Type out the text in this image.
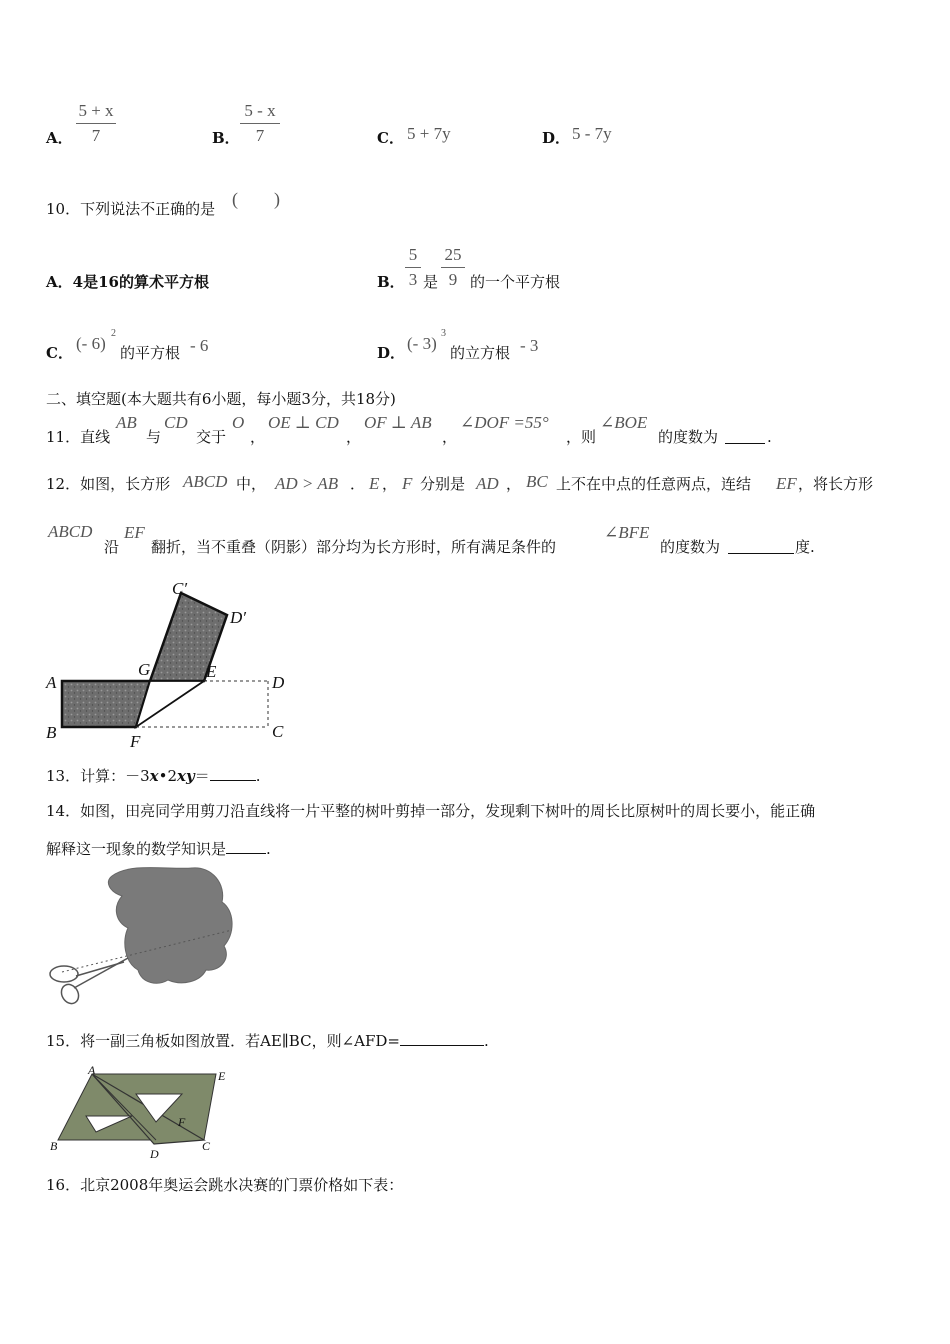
A．
5 + x
7	B．
5 - x
7	C． 5 + 7y	D． 5 - 7y
10．下列说法不正确的是 (　　)
A．4是16的算术平方根	B．
5
3 是
25
9 的一个平方根
C． (- 6)
2
的平方根 - 6	D． (- 3)
3
的立方根 - 3
二、填空题(本大题共有6小题，每小题3分，共18分)
11．直线
AB
与
CD
交于
O
，
OE ⊥ CD
，
OF ⊥ AB
，
∠DOF =55°
，则
∠BOE
的度数为	.
12．如图，长方形 ABCD 中， AD > AB ． E ， F 分别是 AD ， BC 上不在中点的任意两点，连结 EF ，将长方形
ABCD
沿
EF
翻折，当不重叠（阴影）部分均为长方形时，所有满足条件的
∠BFE
的度数为	度.
A
B
G	E
D
C
F
C′
D′
13．计算：－3x•2xy＝	.
14．如图，田亮同学用剪刀沿直线将一片平整的树叶剪掉一部分，发现剩下树叶的周长比原树叶的周长要小，能正确
解释这一现象的数学知识是	.
15．将一副三角板如图放置．若AE∥BC，则∠AFD=	.
A	E
B
D
F
C
16．北京2008年奥运会跳水决赛的门票价格如下表：
